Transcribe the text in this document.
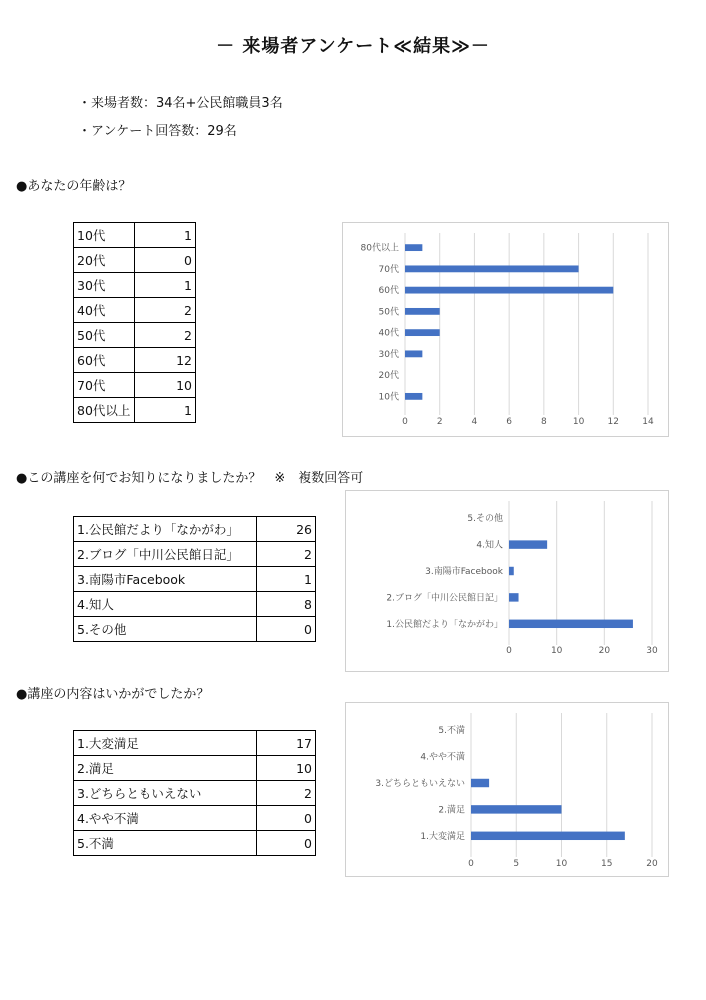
－ 来場者アンケート≪結果≫－
・来場者数：34名+公民館職員3名
・アンケート回答数：29名
●あなたの年齢は？
10代	1
20代	0
30代	1
40代	2
50代	2
60代	12
70代	10
80代以上	1
0	2	4	6	8	10	12	14
10代
20代
30代
40代
50代
60代
70代
80代以上
●この講座を何でお知りになりましたか？　※　複数回答可
1.公民館だより「なかがわ」	26
2.ブログ「中川公民館日記」	2
3.南陽市Facebook	1
4.知人	8
5.その他	0
0	10	20	30
1.公民館だより「なかがわ」
2.ブログ「中川公民館日記」
3.南陽市Facebook
4.知人
5.その他
●講座の内容はいかがでしたか？
1.大変満足	17
2.満足	10
3.どちらともいえない	2
4.やや不満	0
5.不満	0
0	5	10	15	20
1.大変満足
2.満足
3.どちらともいえない
4.やや不満
5.不満
